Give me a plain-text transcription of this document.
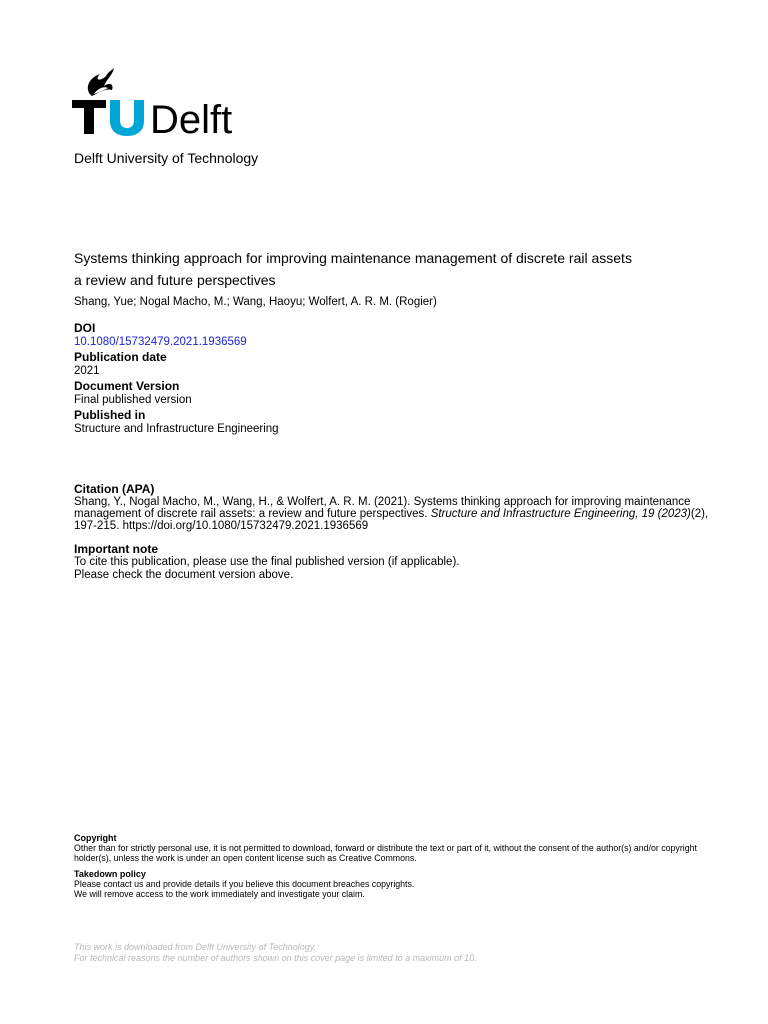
Delft
Delft University of Technology
Systems thinking approach for improving maintenance management of discrete rail assets
a review and future perspectives
Shang, Yue; Nogal Macho, M.; Wang, Haoyu; Wolfert, A. R. M. (Rogier)
DOI
10.1080/15732479.2021.1936569
Publication date
2021
Document Version
Final published version
Published in
Structure and Infrastructure Engineering
Citation (APA)
Shang, Y., Nogal Macho, M., Wang, H., & Wolfert, A. R. M. (2021). Systems thinking approach for improving maintenance management of discrete rail assets: a review and future perspectives. Structure and Infrastructure Engineering, 19 (2023)(2), 197-215. https://doi.org/10.1080/15732479.2021.1936569
Important note
To cite this publication, please use the final published version (if applicable).
Please check the document version above.
Copyright
Other than for strictly personal use, it is not permitted to download, forward or distribute the text or part of it, without the consent of the author(s) and/or copyright holder(s), unless the work is under an open content license such as Creative Commons.
Takedown policy
Please contact us and provide details if you believe this document breaches copyrights.
We will remove access to the work immediately and investigate your claim.
This work is downloaded from Delft University of Technology.
For technical reasons the number of authors shown on this cover page is limited to a maximum of 10.
